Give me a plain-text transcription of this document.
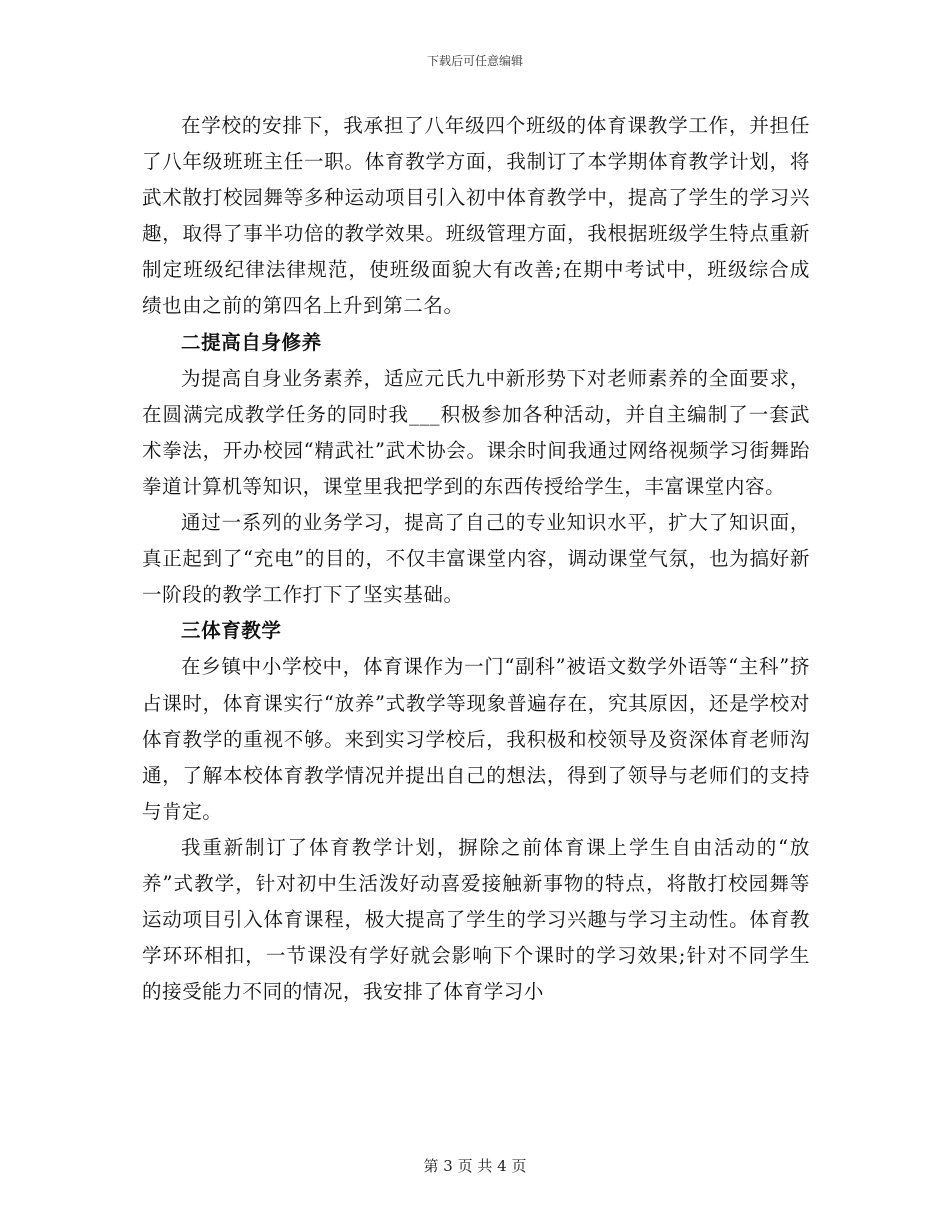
下载后可任意编辑

在学校的安排下，我承担了八年级四个班级的体育课教学工作，并担任了八年级班班主任一职。体育教学方面，我制订了本学期体育教学计划，将武术散打校园舞等多种运动项目引入初中体育教学中，提高了学生的学习兴趣，取得了事半功倍的教学效果。班级管理方面，我根据班级学生特点重新制定班级纪律法律规范，使班级面貌大有改善;在期中考试中，班级综合成绩也由之前的第四名上升到第二名。

二提高自身修养

为提高自身业务素养，适应元氏九中新形势下对老师素养的全面要求，在圆满完成教学任务的同时我___积极参加各种活动，并自主编制了一套武术拳法，开办校园“精武社”武术协会。课余时间我通过网络视频学习街舞跆拳道计算机等知识，课堂里我把学到的东西传授给学生，丰富课堂内容。

通过一系列的业务学习，提高了自己的专业知识水平，扩大了知识面，真正起到了“充电”的目的，不仅丰富课堂内容，调动课堂气氛，也为搞好新一阶段的教学工作打下了坚实基础。

三体育教学

在乡镇中小学校中，体育课作为一门“副科”被语文数学外语等“主科”挤占课时，体育课实行“放养”式教学等现象普遍存在，究其原因，还是学校对体育教学的重视不够。来到实习学校后，我积极和校领导及资深体育老师沟通，了解本校体育教学情况并提出自己的想法，得到了领导与老师们的支持与肯定。

我重新制订了体育教学计划，摒除之前体育课上学生自由活动的“放养”式教学，针对初中生活泼好动喜爱接触新事物的特点，将散打校园舞等运动项目引入体育课程，极大提高了学生的学习兴趣与学习主动性。体育教学环环相扣，一节课没有学好就会影响下个课时的学习效果;针对不同学生的接受能力不同的情况，我安排了体育学习小

第 3 页 共 4 页
